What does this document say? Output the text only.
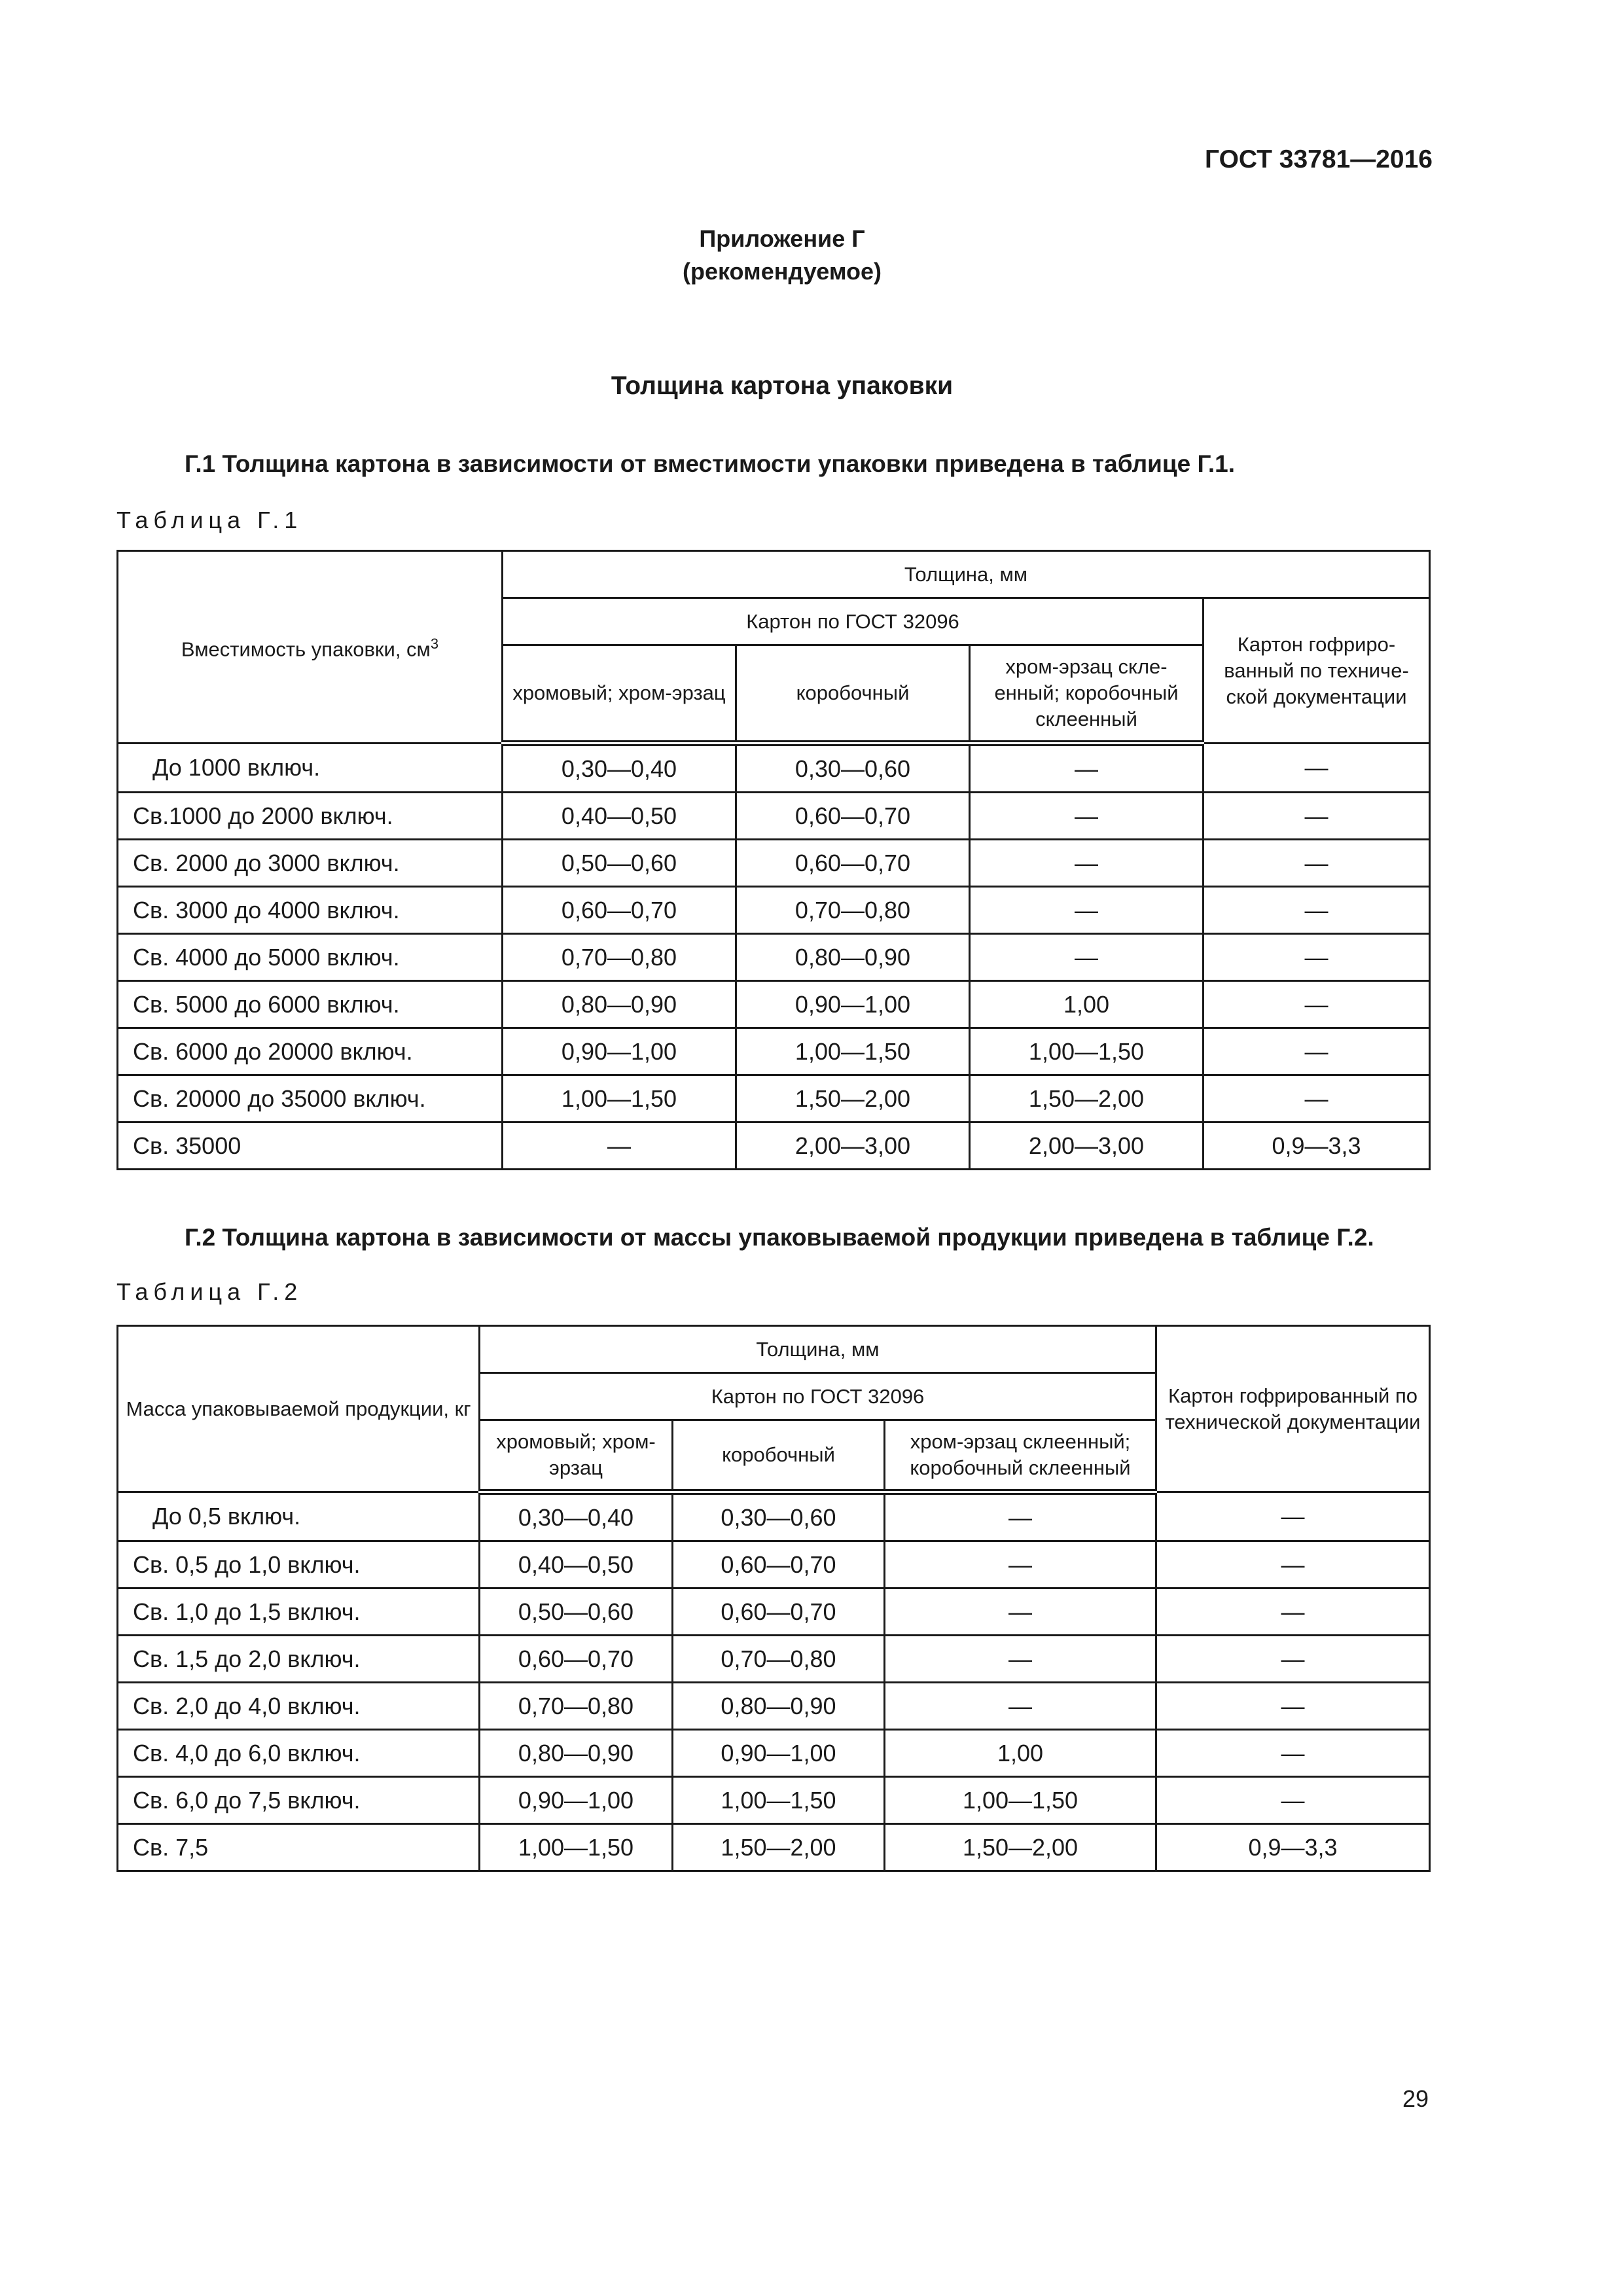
ГОСТ 33781—2016
Приложение Г
(рекомендуемое)
Толщина картона упаковки
Г.1 Толщина картона в зависимости от вместимости упаковки приведена в таблице Г.1.
Таблица Г.1
Вместимость упаковки, $см^3$	Толщина, мм			
	Картон по ГОСТ 32096			Картон гофриро-ванный по техниче-ской документации
	хромовый; хром-эрзац	коробочный	хром-эрзац скле-енный; коробочный склеенный	
До 1000 включ.	0,30—0,40	0,30—0,60	—	—
Св.1000 до 2000 включ.	0,40—0,50	0,60—0,70	—	—
Св. 2000 до 3000 включ.	0,50—0,60	0,60—0,70	—	—
Св. 3000 до 4000 включ.	0,60—0,70	0,70—0,80	—	—
Св. 4000 до 5000 включ.	0,70—0,80	0,80—0,90	—	—
Св. 5000 до 6000 включ.	0,80—0,90	0,90—1,00	1,00	—
Св. 6000 до 20000 включ.	0,90—1,00	1,00—1,50	1,00—1,50	—
Св. 20000 до 35000 включ.	1,00—1,50	1,50—2,00	1,50—2,00	—
Св. 35000	—	2,00—3,00	2,00—3,00	0,9—3,3
Г.2 Толщина картона в зависимости от массы упаковываемой продукции приведена в таблице Г.2.
Таблица Г.2
Масса упаковываемой продукции, кг	Толщина, мм			Картон гофрированный по технической документации
	Картон по ГОСТ 32096			
	хромовый; хром-эрзац	коробочный	хром-эрзац склеенный; коробочный склеенный	
До 0,5 включ.	0,30—0,40	0,30—0,60	—	—
Св. 0,5 до 1,0 включ.	0,40—0,50	0,60—0,70	—	—
Св. 1,0 до 1,5 включ.	0,50—0,60	0,60—0,70	—	—
Св. 1,5 до 2,0 включ.	0,60—0,70	0,70—0,80	—	—
Св. 2,0 до 4,0 включ.	0,70—0,80	0,80—0,90	—	—
Св. 4,0 до 6,0 включ.	0,80—0,90	0,90—1,00	1,00	—
Св. 6,0 до 7,5 включ.	0,90—1,00	1,00—1,50	1,00—1,50	—
Св. 7,5	1,00—1,50	1,50—2,00	1,50—2,00	0,9—3,3
29
